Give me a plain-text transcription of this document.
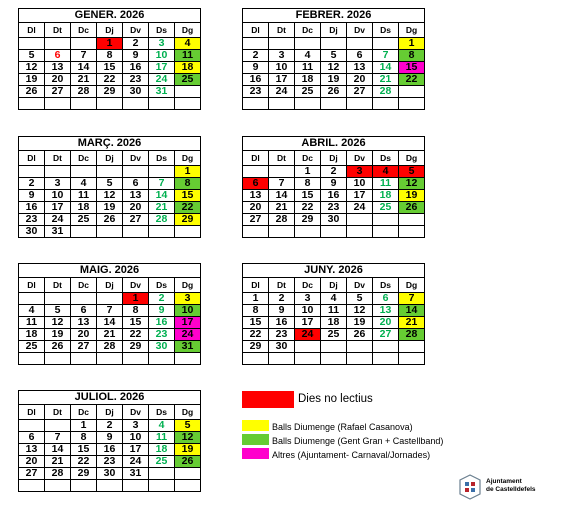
GENER. 2026						
Dl	Dt	Dc	Dj	Dv	Ds	Dg
			1	2	3	4
5	6	7	8	9	10	11
12	13	14	15	16	17	18
19	20	21	22	23	24	25
26	27	28	29	30	31	

FEBRER. 2026						
Dl	Dt	Dc	Dj	Dv	Ds	Dg
						1
2	3	4	5	6	7	8
9	10	11	12	13	14	15
16	17	18	19	20	21	22
23	24	25	26	27	28	

MARÇ. 2026						
Dl	Dt	Dc	Dj	Dv	Ds	Dg
						1
2	3	4	5	6	7	8
9	10	11	12	13	14	15
16	17	18	19	20	21	22
23	24	25	26	27	28	29
30	31					
ABRIL. 2026						
Dl	Dt	Dc	Dj	Dv	Ds	Dg
		1	2	3	4	5
6	7	8	9	10	11	12
13	14	15	16	17	18	19
20	21	22	23	24	25	26
27	28	29	30			

MAIG. 2026						
Dl	Dt	Dc	Dj	Dv	Ds	Dg
				1	2	3
4	5	6	7	8	9	10
11	12	13	14	15	16	17
18	19	20	21	22	23	24
25	26	27	28	29	30	31

JUNY. 2026						
Dl	Dt	Dc	Dj	Dv	Ds	Dg
1	2	3	4	5	6	7
8	9	10	11	12	13	14
15	16	17	18	19	20	21
22	23	24	25	26	27	28
29	30					

JULIOL. 2026						
Dl	Dt	Dc	Dj	Dv	Ds	Dg
		1	2	3	4	5
6	7	8	9	10	11	12
13	14	15	16	17	18	19
20	21	22	23	24	25	26
27	28	29	30	31		

Dies no lectius
Balls Diumenge (Rafael Casanova)
Balls Diumenge (Gent Gran + Castellband)
Altres (Ajuntament- Carnaval/Jornades)
Ajuntament
de Castelldefels
